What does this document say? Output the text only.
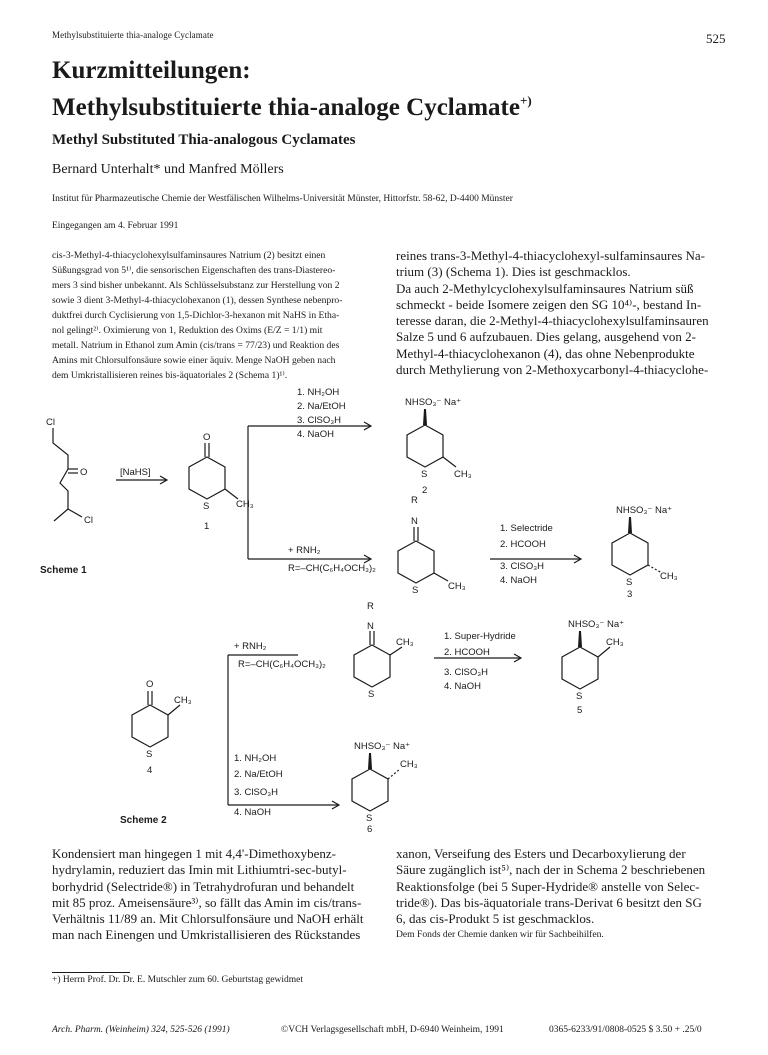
Methylsubstituierte thia-analoge Cyclamate	525
Kurzmitteilungen:
Methylsubstituierte thia-analoge Cyclamate+)
Methyl Substituted Thia-analogous Cyclamates
Bernard Unterhalt* und Manfred Möllers
Institut für Pharmazeutische Chemie der Westfälischen Wilhelms-Universität Münster, Hittorfstr. 58-62, D-4400 Münster
Eingegangen am 4. Februar 1991
cis-3-Methyl-4-thiacyclohexylsulfaminsaures Natrium (2) besitzt einen
Süßungsgrad von 5¹⁾, die sensorischen Eigenschaften des trans-Diastereo-
mers 3 sind bisher unbekannt. Als Schlüsselsubstanz zur Herstellung von 2
sowie 3 dient 3-Methyl-4-thiacyclohexanon (1), dessen Synthese nebenpro-
duktfrei durch Cyclisierung von 1,5-Dichlor-3-hexanon mit NaHS in Etha-
nol gelingt²⁾. Oximierung von 1, Reduktion des Oxims (E/Z = 1/1) mit
metall. Natrium in Ethanol zum Amin (cis/trans = 77/23) und Reaktion des
Amins mit Chlorsulfonsäure sowie einer äquiv. Menge NaOH geben nach
dem Umkristallisieren reines bis-äquatoriales 2 (Schema 1)¹⁾.
reines trans-3-Methyl-4-thiacyclohexyl-sulfaminsaures Na-
trium (3) (Schema 1). Dies ist geschmacklos.
Da auch 2-Methylcyclohexylsulfaminsaures Natrium süß
schmeckt - beide Isomere zeigen den SG 10⁴⁾-, bestand In-
teresse daran, die 2-Methyl-4-thiacyclohexylsulfaminsauren
Salze 5 und 6 aufzubauen. Dies gelang, ausgehend von 2-
Methyl-4-thiacyclohexanon (4), das ohne Nebenprodukte
durch Methylierung von 2-Methoxycarbonyl-4-thiacyclohe-
Cl
O
Cl
[NaHS]
O
S	CH₃
1
Scheme 1
1. NH₂OH
2. Na/EtOH
3. ClSO₃H
4. NaOH
NHSO₃⁻ Na⁺
S	CH₃
2
R
N
S	CH₃
+ RNH₂
R=–CH(C₆H₄OCH₃)₂
1. Selectride
2. HCOOH
3. ClSO₃H
4. NaOH
NHSO₃⁻ Na⁺
S
CH₃
3
O
CH₃
S
4
Scheme 2
+ RNH₂
R=–CH(C₆H₄OCH₃)₂
R
N
CH₃
S
1. Super-Hydride
2. HCOOH
3. ClSO₃H
4. NaOH
NHSO₃⁻ Na⁺
CH₃
S
5
1. NH₂OH
2. Na/EtOH
3. ClSO₃H
4. NaOH
NHSO₃⁻ Na⁺
CH₃
S
6
Kondensiert man hingegen 1 mit 4,4'-Dimethoxybenz-
hydrylamin, reduziert das Imin mit Lithiumtri-sec-butyl-
borhydrid (Selectride®) in Tetrahydrofuran und behandelt
mit 85 proz. Ameisensäure³⁾, so fällt das Amin im cis/trans-
Verhältnis 11/89 an. Mit Chlorsulfonsäure und NaOH erhält
man nach Einengen und Umkristallisieren des Rückstandes
xanon, Verseifung des Esters und Decarboxylierung der
Säure zugänglich ist⁵⁾, nach der in Schema 2 beschriebenen
Reaktionsfolge (bei 5 Super-Hydride® anstelle von Selec-
tride®). Das bis-äquatoriale trans-Derivat 6 besitzt den SG
6, das cis-Produkt 5 ist geschmacklos.
Dem Fonds der Chemie danken wir für Sachbeihilfen.
+) Herrn Prof. Dr. Dr. E. Mutschler zum 60. Geburtstag gewidmet
Arch. Pharm. (Weinheim) 324, 525-526 (1991)	©VCH Verlagsgesellschaft mbH, D-6940 Weinheim, 1991	0365-6233/91/0808-0525 $ 3.50 + .25/0
